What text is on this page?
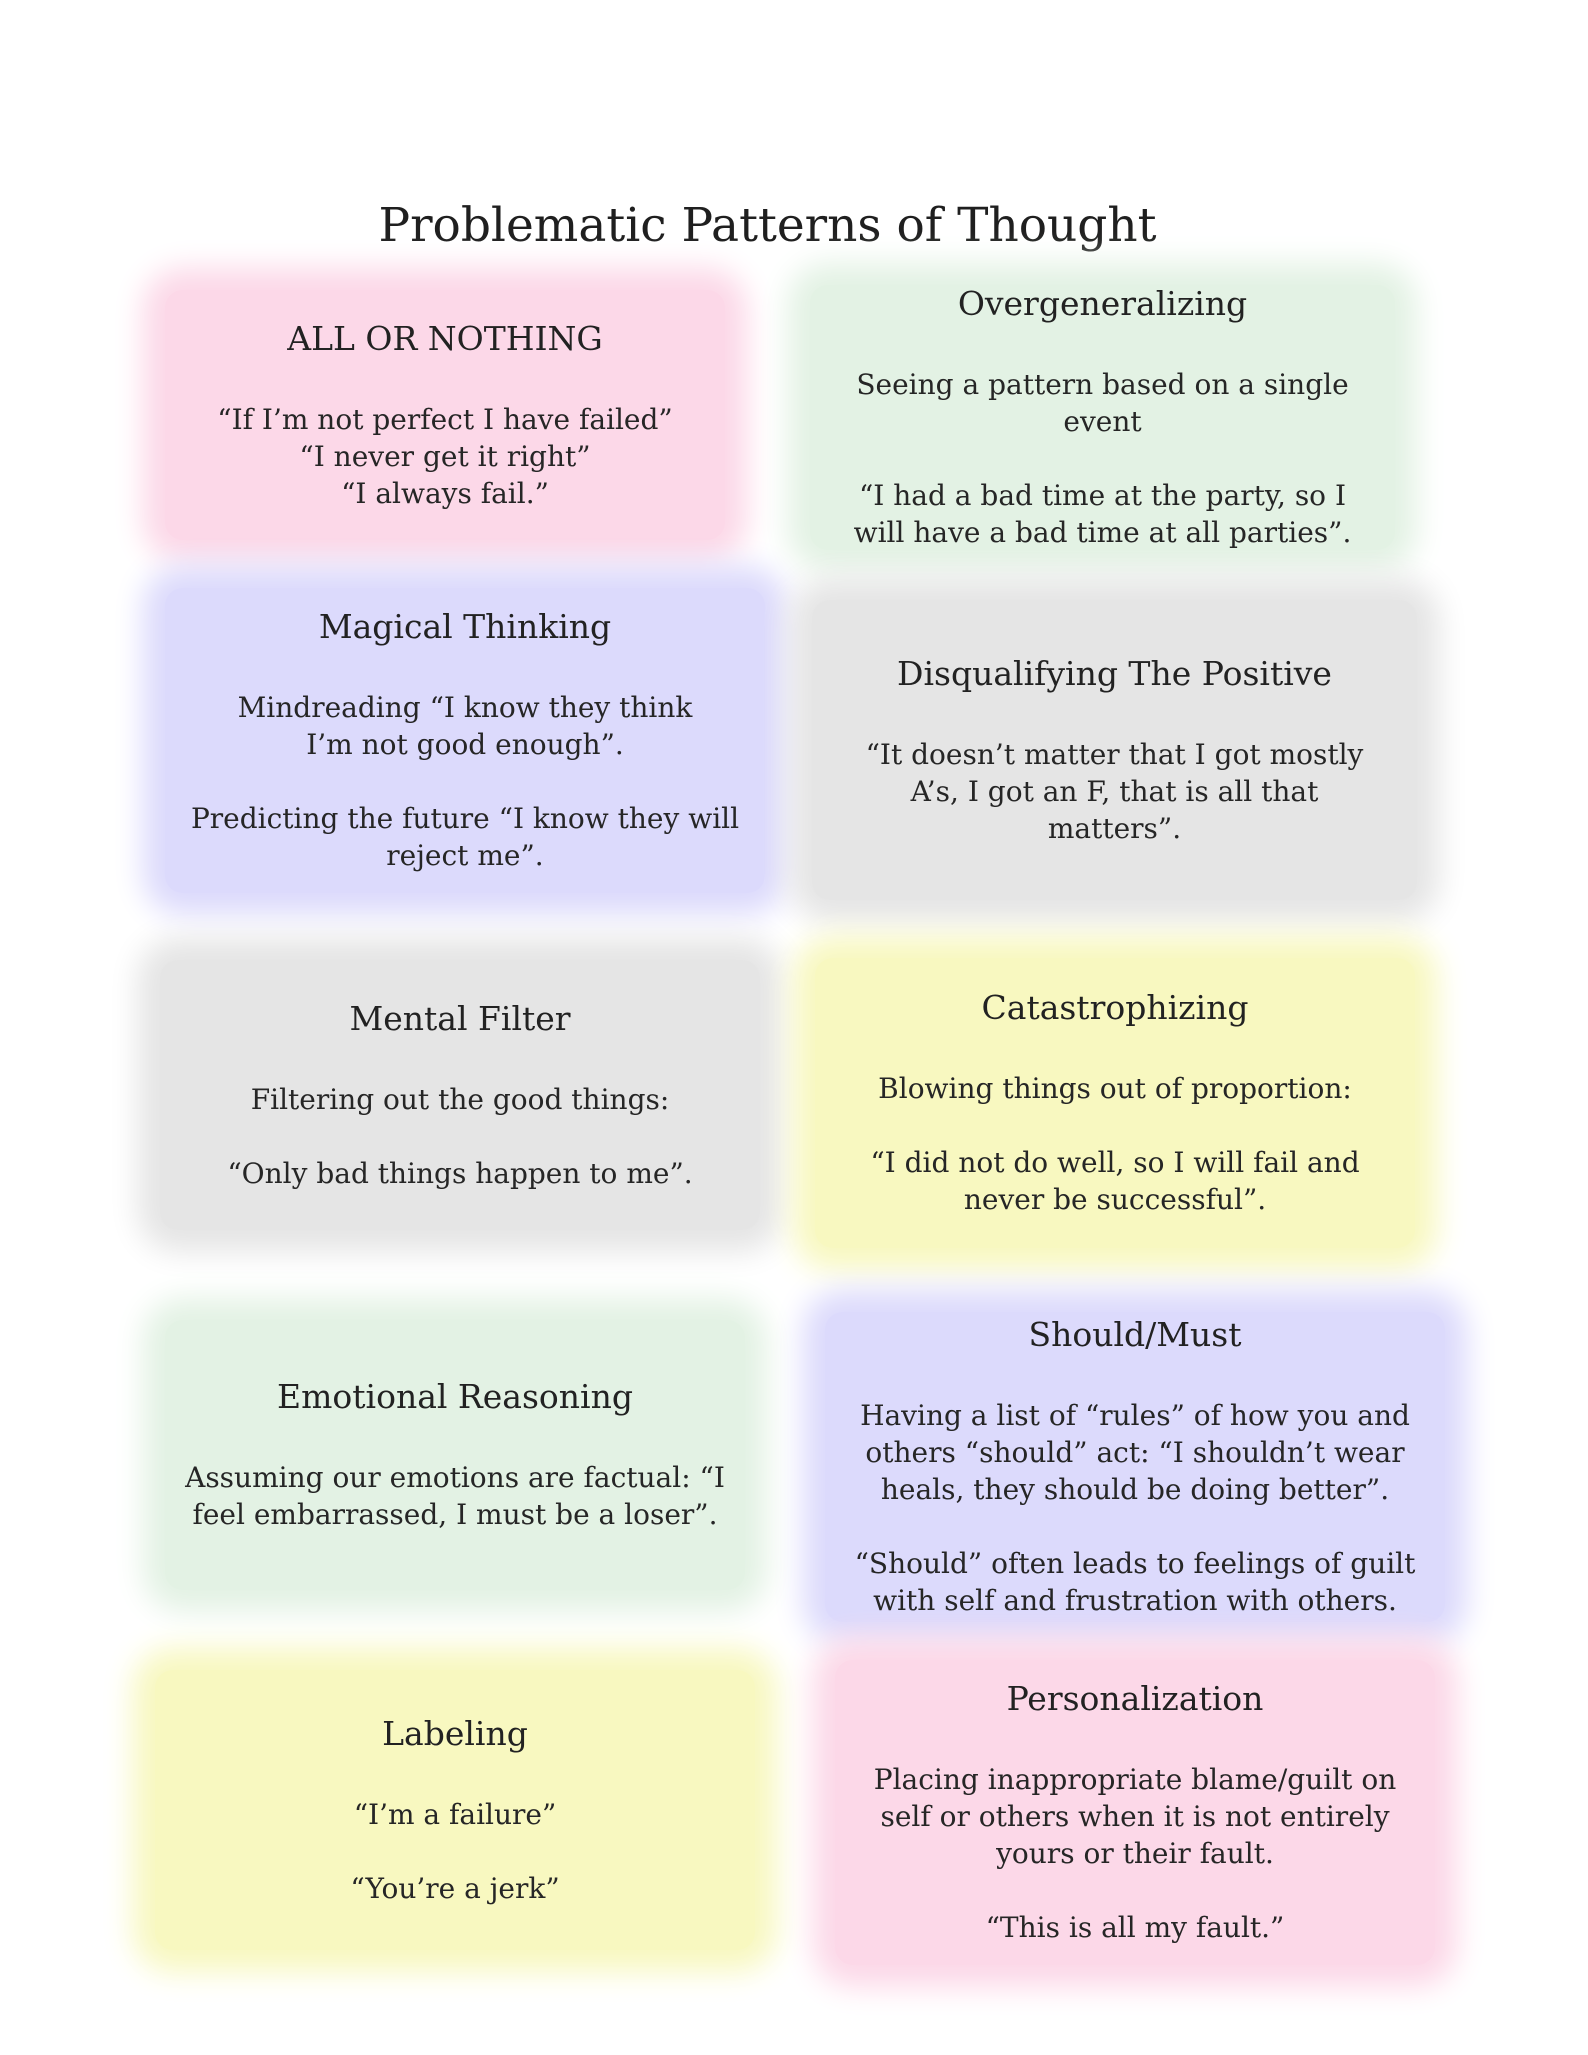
Problematic Patterns of Thought
ALL OR NOTHING

“If I’m not perfect I have failed”
“I never get it right”
“I always fail.”

Overgeneralizing

Seeing a pattern based on a single event

“I had a bad time at the party, so I will have a bad time at all parties”.

Magical Thinking

Mindreading “I know they think I’m not good enough”.

Predicting the future “I know they will reject me”.

Disqualifying The Positive

“It doesn’t matter that I got mostly A’s, I got an F, that is all that matters”.

Mental Filter

Filtering out the good things:

“Only bad things happen to me”.

Catastrophizing

Blowing things out of proportion:

“I did not do well, so I will fail and never be successful”.

Emotional Reasoning

Assuming our emotions are factual: “I feel embarrassed, I must be a loser”.

Should/Must

Having a list of “rules” of how you and others “should” act: “I shouldn’t wear heals, they should be doing better”.

“Should” often leads to feelings of guilt with self and frustration with others.

Labeling

“I’m a failure”

“You’re a jerk”

Personalization

Placing inappropriate blame/guilt on self or others when it is not entirely yours or their fault.

“This is all my fault.”
